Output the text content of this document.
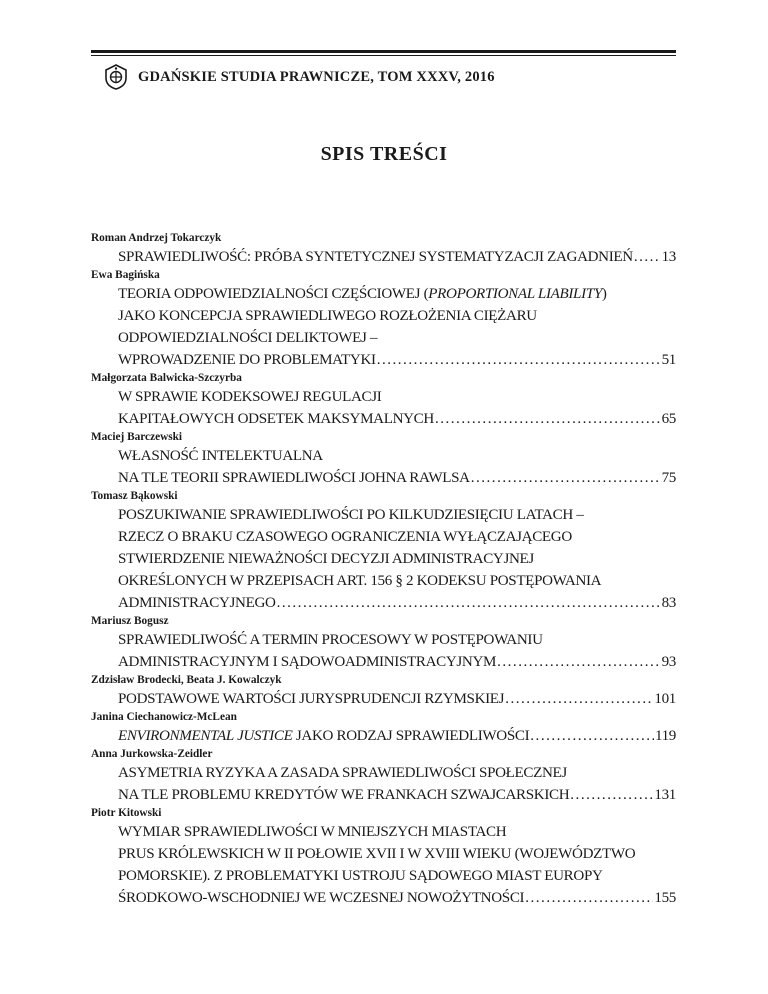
GDAŃSKIE STUDIA PRAWNICZE, TOM XXXV, 2016
SPIS TREŚCI
Roman Andrzej Tokarczyk
SPRAWIEDLIWOŚĆ: PRÓBA SYNTETYCZNEJ SYSTEMATYZACJI ZAGADNIEŃ ..... 13
Ewa Bagińska
TEORIA ODPOWIEDZIALNOŚCI CZĘŚCIOWEJ (PROPORTIONAL LIABILITY)
JAKO KONCEPCJA SPRAWIEDLIWEGO ROZŁOŻENIA CIĘŻARU
ODPOWIEDZIALNOŚCI DELIKTOWEJ –
WPROWADZENIE DO PROBLEMATYKI .....	51
Małgorzata Balwicka-Szczyrba
W SPRAWIE KODEKSOWEJ REGULACJI
KAPITAŁOWYCH ODSETEK MAKSYMALNYCH .....	65
Maciej Barczewski
WŁASNOŚĆ INTELEKTUALNA
NA TLE TEORII SPRAWIEDLIWOŚCI JOHNA RAWLSA .....	75
Tomasz Bąkowski
POSZUKIWANIE SPRAWIEDLIWOŚCI PO KILKUDZIESIĘCIU LATACH –
RZECZ O BRAKU CZASOWEGO OGRANICZENIA WYŁĄCZAJĄCEGO
STWIERDZENIE NIEWAŻNOŚCI DECYZJI ADMINISTRACYJNEJ
OKREŚLONYCH W PRZEPISACH ART. 156 § 2 KODEKSU POSTĘPOWANIA
ADMINISTRACYJNEGO .....	83
Mariusz Bogusz
SPRAWIEDLIWOŚĆ A TERMIN PROCESOWY W POSTĘPOWANIU
ADMINISTRACYJNYM I SĄDOWOADMINISTRACYJNYM .....	93
Zdzisław Brodecki, Beata J. Kowalczyk
PODSTAWOWE WARTOŚCI JURYSPRUDENCJI RZYMSKIEJ .....	101
Janina Ciechanowicz-McLean
ENVIRONMENTAL JUSTICE JAKO RODZAJ SPRAWIEDLIWOŚCI .....	119
Anna Jurkowska-Zeidler
ASYMETRIA RYZYKA A ZASADA SPRAWIEDLIWOŚCI SPOŁECZNEJ
NA TLE PROBLEMU KREDYTÓW WE FRANKACH SZWAJCARSKICH .....	131
Piotr Kitowski
WYMIAR SPRAWIEDLIWOŚCI W MNIEJSZYCH MIASTACH
PRUS KRÓLEWSKICH W II POŁOWIE XVII I W XVIII WIEKU (WOJEWÓDZTWO
POMORSKIE). Z PROBLEMATYKI USTROJU SĄDOWEGO MIAST EUROPY
ŚRODKOWO-WSCHODNIEJ WE WCZESNEJ NOWOŻYTNOŚCI .....	155
